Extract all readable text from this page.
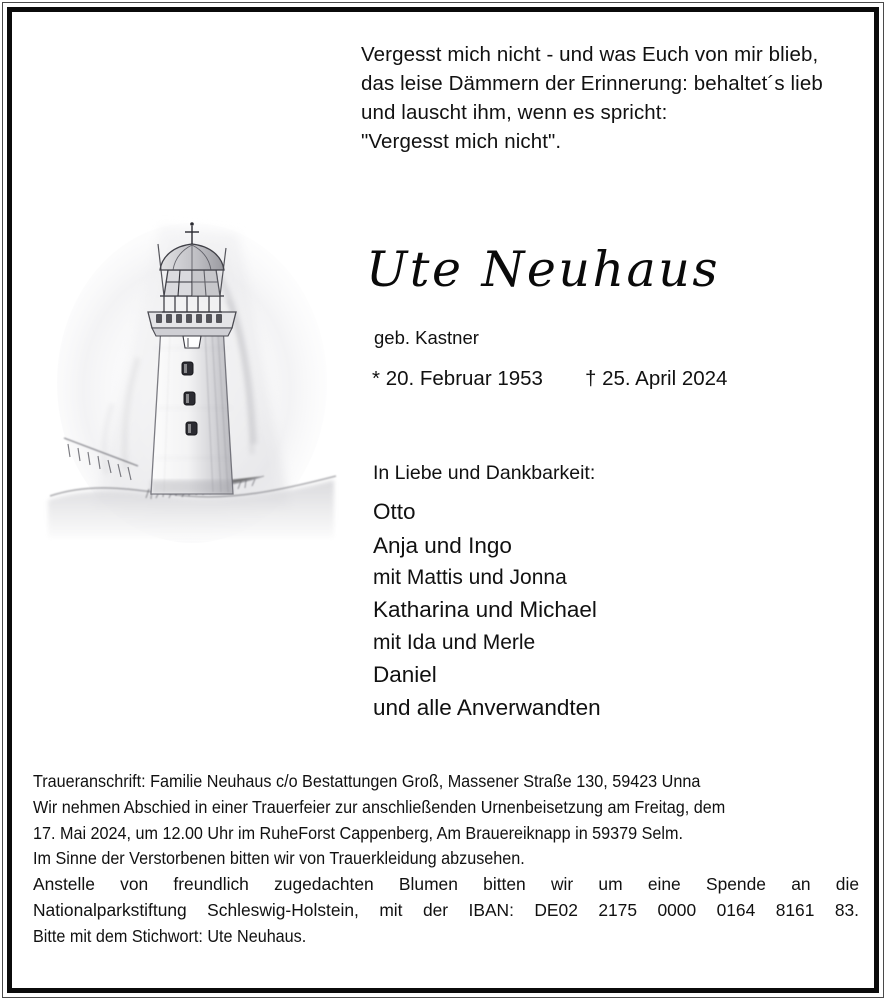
Vergesst mich nicht - und was Euch von mir blieb,
das leise Dämmern der Erinnerung: behaltet´s lieb
und lauscht ihm, wenn es spricht:
"Vergesst mich nicht".
Ute Neuhaus
geb. Kastner
* 20. Februar 1953 † 25. April 2024
In Liebe und Dankbarkeit:
Otto
Anja und Ingo
mit Mattis und Jonna
Katharina und Michael
mit Ida und Merle
Daniel
und alle Anverwandten
Traueranschrift: Familie Neuhaus c/o Bestattungen Groß, Massener Straße 130, 59423 Unna
Wir nehmen Abschied in einer Trauerfeier zur anschließenden Urnenbeisetzung am Freitag, dem
17. Mai 2024, um 12.00 Uhr im RuheForst Cappenberg, Am Brauereiknapp in 59379 Selm.
Im Sinne der Verstorbenen bitten wir von Trauerkleidung abzusehen.
Anstelle von freundlich zugedachten Blumen bitten wir um eine Spende an die
Nationalparkstiftung Schleswig-Holstein, mit der IBAN: DE02 2175 0000 0164 8161 83.
Bitte mit dem Stichwort: Ute Neuhaus.
